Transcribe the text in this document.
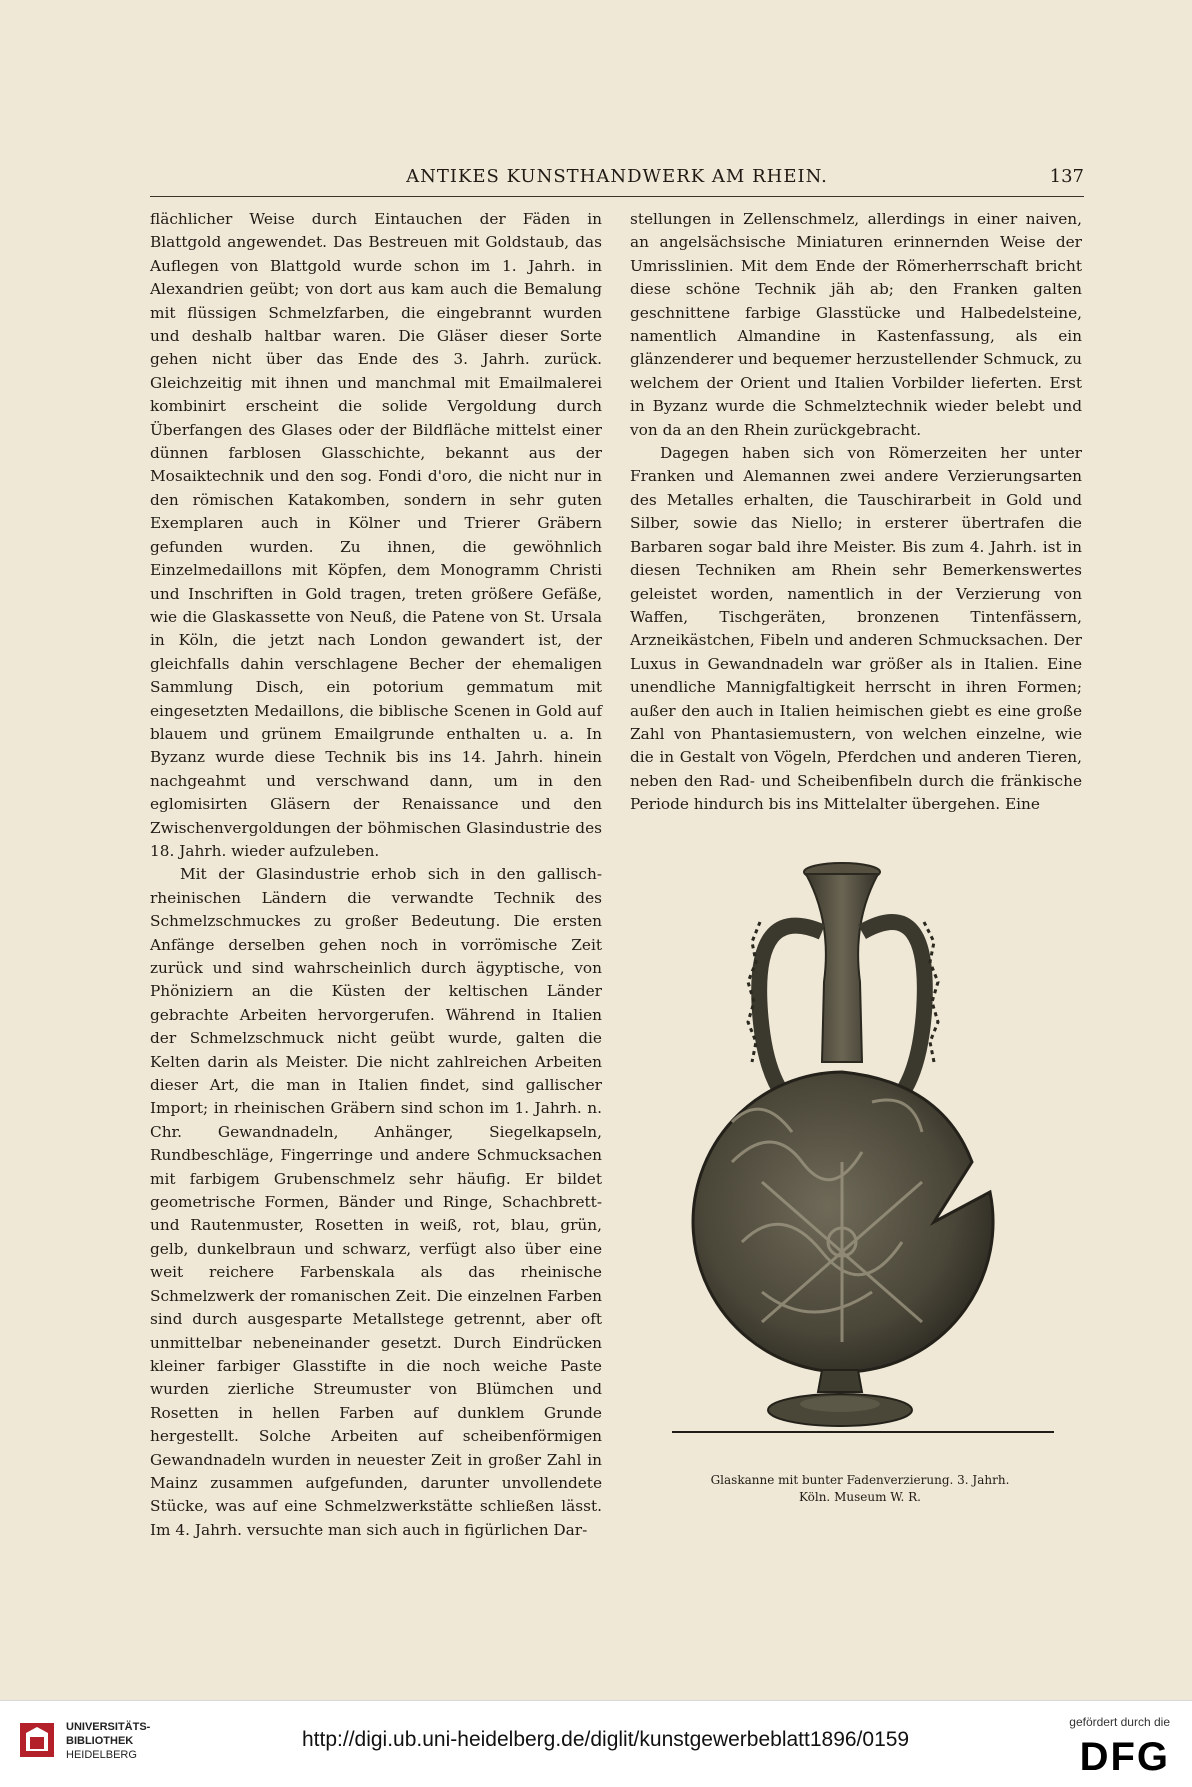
ANTIKES KUNSTHANDWERK AM RHEIN.	137

flächlicher Weise durch Eintauchen der Fäden in Blattgold angewendet. Das Bestreuen mit Goldstaub, das Auflegen von Blattgold wurde schon im 1. Jahrh. in Alexandrien geübt; von dort aus kam auch die Bemalung mit flüssigen Schmelzfarben, die eingebrannt wurden und deshalb haltbar waren. Die Gläser dieser Sorte gehen nicht über das Ende des 3. Jahrh. zurück. Gleichzeitig mit ihnen und manchmal mit Emailmalerei kombinirt erscheint die solide Vergoldung durch Überfangen des Glases oder der Bildfläche mittelst einer dünnen farblosen Glasschichte, bekannt aus der Mosaiktechnik und den sog. Fondi d'oro, die nicht nur in den römischen Katakomben, sondern in sehr guten Exemplaren auch in Kölner und Trierer Gräbern gefunden wurden. Zu ihnen, die gewöhnlich Einzelmedaillons mit Köpfen, dem Monogramm Christi und Inschriften in Gold tragen, treten größere Gefäße, wie die Glaskassette von Neuß, die Patene von St. Ursala in Köln, die jetzt nach London gewandert ist, der gleichfalls dahin verschlagene Becher der ehemaligen Sammlung Disch, ein potorium gemmatum mit eingesetzten Medaillons, die biblische Scenen in Gold auf blauem und grünem Emailgrunde enthalten u. a. In Byzanz wurde diese Technik bis ins 14. Jahrh. hinein nachgeahmt und verschwand dann, um in den eglomisirten Gläsern der Renaissance und den Zwischenvergoldungen der böhmischen Glasindustrie des 18. Jahrh. wieder aufzuleben.

Mit der Glasindustrie erhob sich in den gallisch-rheinischen Ländern die verwandte Technik des Schmelzschmuckes zu großer Bedeutung. Die ersten Anfänge derselben gehen noch in vorrömische Zeit zurück und sind wahrscheinlich durch ägyptische, von Phöniziern an die Küsten der keltischen Länder gebrachte Arbeiten hervorgerufen. Während in Italien der Schmelzschmuck nicht geübt wurde, galten die Kelten darin als Meister. Die nicht zahlreichen Arbeiten dieser Art, die man in Italien findet, sind gallischer Import; in rheinischen Gräbern sind schon im 1. Jahrh. n. Chr. Gewandnadeln, Anhänger, Siegelkapseln, Rundbeschläge, Fingerringe und andere Schmucksachen mit farbigem Grubenschmelz sehr häufig. Er bildet geometrische Formen, Bänder und Ringe, Schachbrett- und Rautenmuster, Rosetten in weiß, rot, blau, grün, gelb, dunkelbraun und schwarz, verfügt also über eine weit reichere Farbenskala als das rheinische Schmelzwerk der romanischen Zeit. Die einzelnen Farben sind durch ausgesparte Metallstege getrennt, aber oft unmittelbar nebeneinander gesetzt. Durch Eindrücken kleiner farbiger Glasstifte in die noch weiche Paste wurden zierliche Streumuster von Blümchen und Rosetten in hellen Farben auf dunklem Grunde hergestellt. Solche Arbeiten auf scheibenförmigen Gewandnadeln wurden in neuester Zeit in großer Zahl in Mainz zusammen aufgefunden, darunter unvollendete Stücke, was auf eine Schmelzwerkstätte schließen lässt. Im 4. Jahrh. versuchte man sich auch in figürlichen Dar-

stellungen in Zellenschmelz, allerdings in einer naiven, an angelsächsische Miniaturen erinnernden Weise der Umrisslinien. Mit dem Ende der Römerherrschaft bricht diese schöne Technik jäh ab; den Franken galten geschnittene farbige Glasstücke und Halbedelsteine, namentlich Almandine in Kastenfassung, als ein glänzenderer und bequemer herzustellender Schmuck, zu welchem der Orient und Italien Vorbilder lieferten. Erst in Byzanz wurde die Schmelztechnik wieder belebt und von da an den Rhein zurückgebracht.

Dagegen haben sich von Römerzeiten her unter Franken und Alemannen zwei andere Verzierungsarten des Metalles erhalten, die Tauschirarbeit in Gold und Silber, sowie das Niello; in ersterer übertrafen die Barbaren sogar bald ihre Meister. Bis zum 4. Jahrh. ist in diesen Techniken am Rhein sehr Bemerkenswertes geleistet worden, namentlich in der Verzierung von Waffen, Tischgeräten, bronzenen Tintenfässern, Arzneikästchen, Fibeln und anderen Schmucksachen. Der Luxus in Gewandnadeln war größer als in Italien. Eine unendliche Mannigfaltigkeit herrscht in ihren Formen; außer den auch in Italien heimischen giebt es eine große Zahl von Phantasiemustern, von welchen einzelne, wie die in Gestalt von Vögeln, Pferdchen und anderen Tieren, neben den Rad- und Scheibenfibeln durch die fränkische Periode hindurch bis ins Mittelalter übergehen. Eine

Glaskanne mit bunter Fadenverzierung. 3. Jahrh.
Köln. Museum W. R.
UNIVERSITÄTS-
BIBLIOTHEK
HEIDELBERG
http://digi.ub.uni-heidelberg.de/diglit/kunstgewerbeblatt1896/0159
gefördert durch die
DFG
